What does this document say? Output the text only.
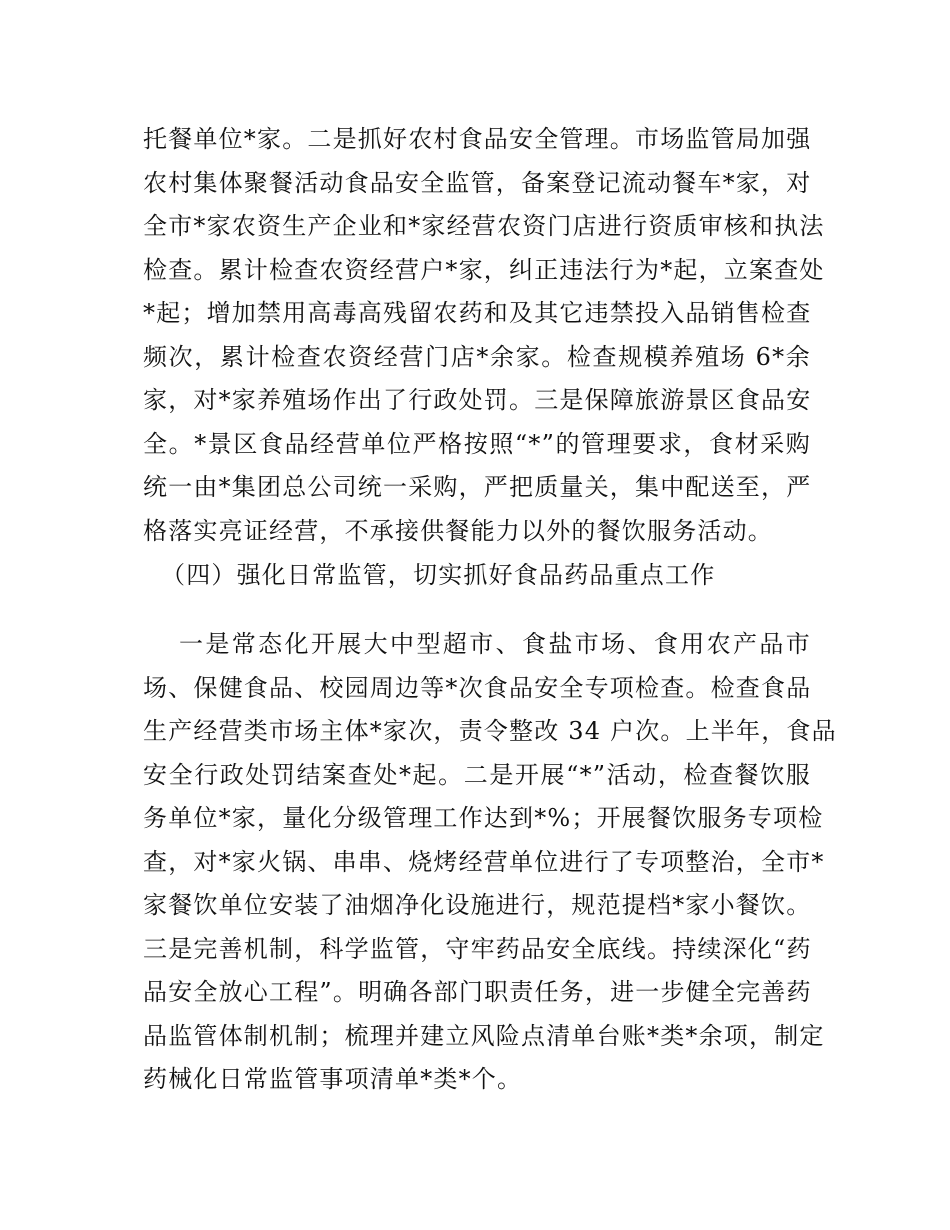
托餐单位*家。二是抓好农村食品安全管理。市场监管局加强
农村集体聚餐活动食品安全监管，备案登记流动餐车*家，对
全市*家农资生产企业和*家经营农资门店进行资质审核和执法
检查。累计检查农资经营户*家，纠正违法行为*起，立案查处
*起；增加禁用高毒高残留农药和及其它违禁投入品销售检查
频次，累计检查农资经营门店*余家。检查规模养殖场 6*余
家，对*家养殖场作出了行政处罚。三是保障旅游景区食品安
全。*景区食品经营单位严格按照“*”的管理要求，食材采购
统一由*集团总公司统一采购，严把质量关，集中配送至，严
格落实亮证经营，不承接供餐能力以外的餐饮服务活动。
（四）强化日常监管，切实抓好食品药品重点工作
一是常态化开展大中型超市、食盐市场、食用农产品市
场、保健食品、校园周边等*次食品安全专项检查。检查食品
生产经营类市场主体*家次，责令整改 34 户次。上半年，食品
安全行政处罚结案查处*起。二是开展“*”活动，检查餐饮服
务单位*家，量化分级管理工作达到*%；开展餐饮服务专项检
查，对*家火锅、串串、烧烤经营单位进行了专项整治，全市*
家餐饮单位安装了油烟净化设施进行，规范提档*家小餐饮。
三是完善机制，科学监管，守牢药品安全底线。持续深化“药
品安全放心工程”。明确各部门职责任务，进一步健全完善药
品监管体制机制；梳理并建立风险点清单台账*类*余项，制定
药械化日常监管事项清单*类*个。
